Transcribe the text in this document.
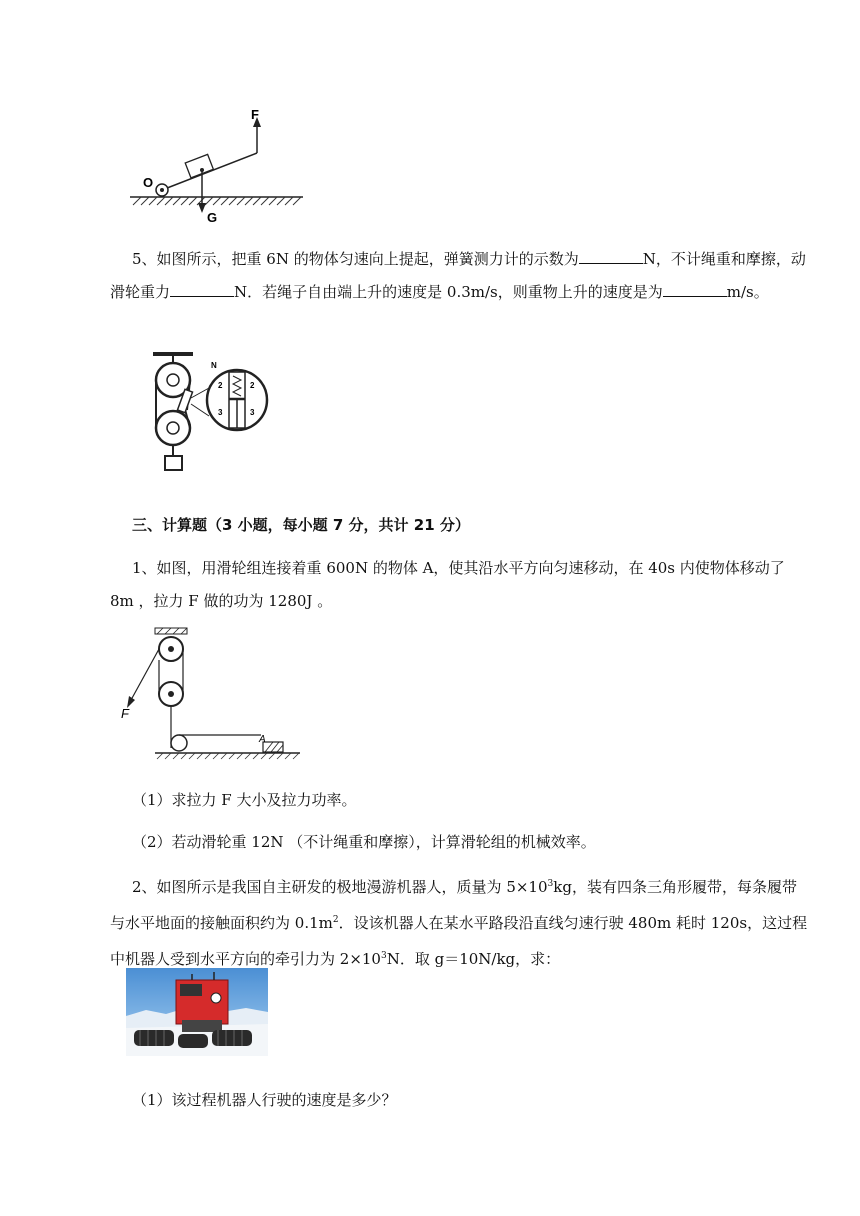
F
O
G

5、如图所示，把重 6N 的物体匀速向上提起，弹簧测力计的示数为	N，不计绳重和摩擦，动滑轮重力	N．若绳子自由端上升的速度是 0.3m/s，则重物上升的速度是为	m/s。

N
2	2
3	3
三、计算题（3 小题，每小题 7 分，共计 21 分）

1、如图，用滑轮组连接着重 600N 的物体 A，使其沿水平方向匀速移动，在 40s 内使物体移动了 8m ，拉力 F 做的功为 1280J 。

F
A
（1）求拉力 F 大小及拉力功率。
（2）若动滑轮重 12N （不计绳重和摩擦），计算滑轮组的机械效率。

2、如图所示是我国自主研发的极地漫游机器人，质量为 $5\times 10^3kg$，装有四条三角形履带，每条履带与水平地面的接触面积约为 $0.1m^2$．设该机器人在某水平路段沿直线匀速行驶 480m 耗时 120s，这过程中机器人受到水平方向的牵引力为 $2\times 10^3N$．取 g＝10N/kg，求：

（1）该过程机器人行驶的速度是多少？
